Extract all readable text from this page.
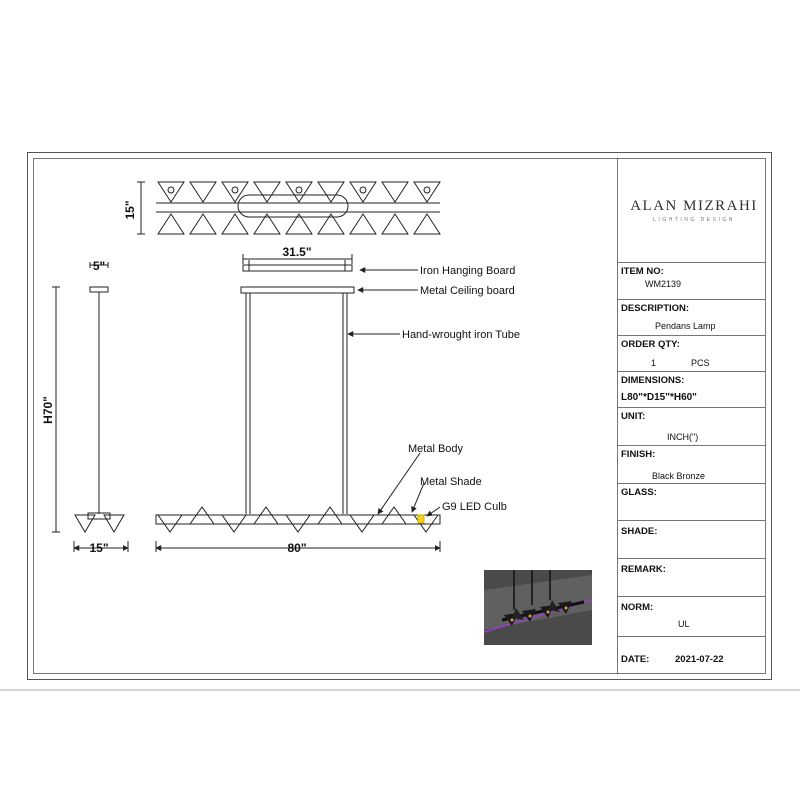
15"
5"
H70"
15"
31.5"
80"
Iron Hanging Board
Metal Ceiling board
Hand-wrought iron Tube
Metal Body
Metal Shade
G9 LED Culb
ALAN MIZRAHI
LIGHTING DESIGN
ITEM NO:
WM2139
DESCRIPTION:
Pendans Lamp
ORDER QTY:
1	PCS
DIMENSIONS:
L80"*D15"*H60"
UNIT:
INCH(")
FINISH:
Black Bronze
GLASS:
SHADE:
REMARK:
NORM:
UL
DATE:	2021-07-22
